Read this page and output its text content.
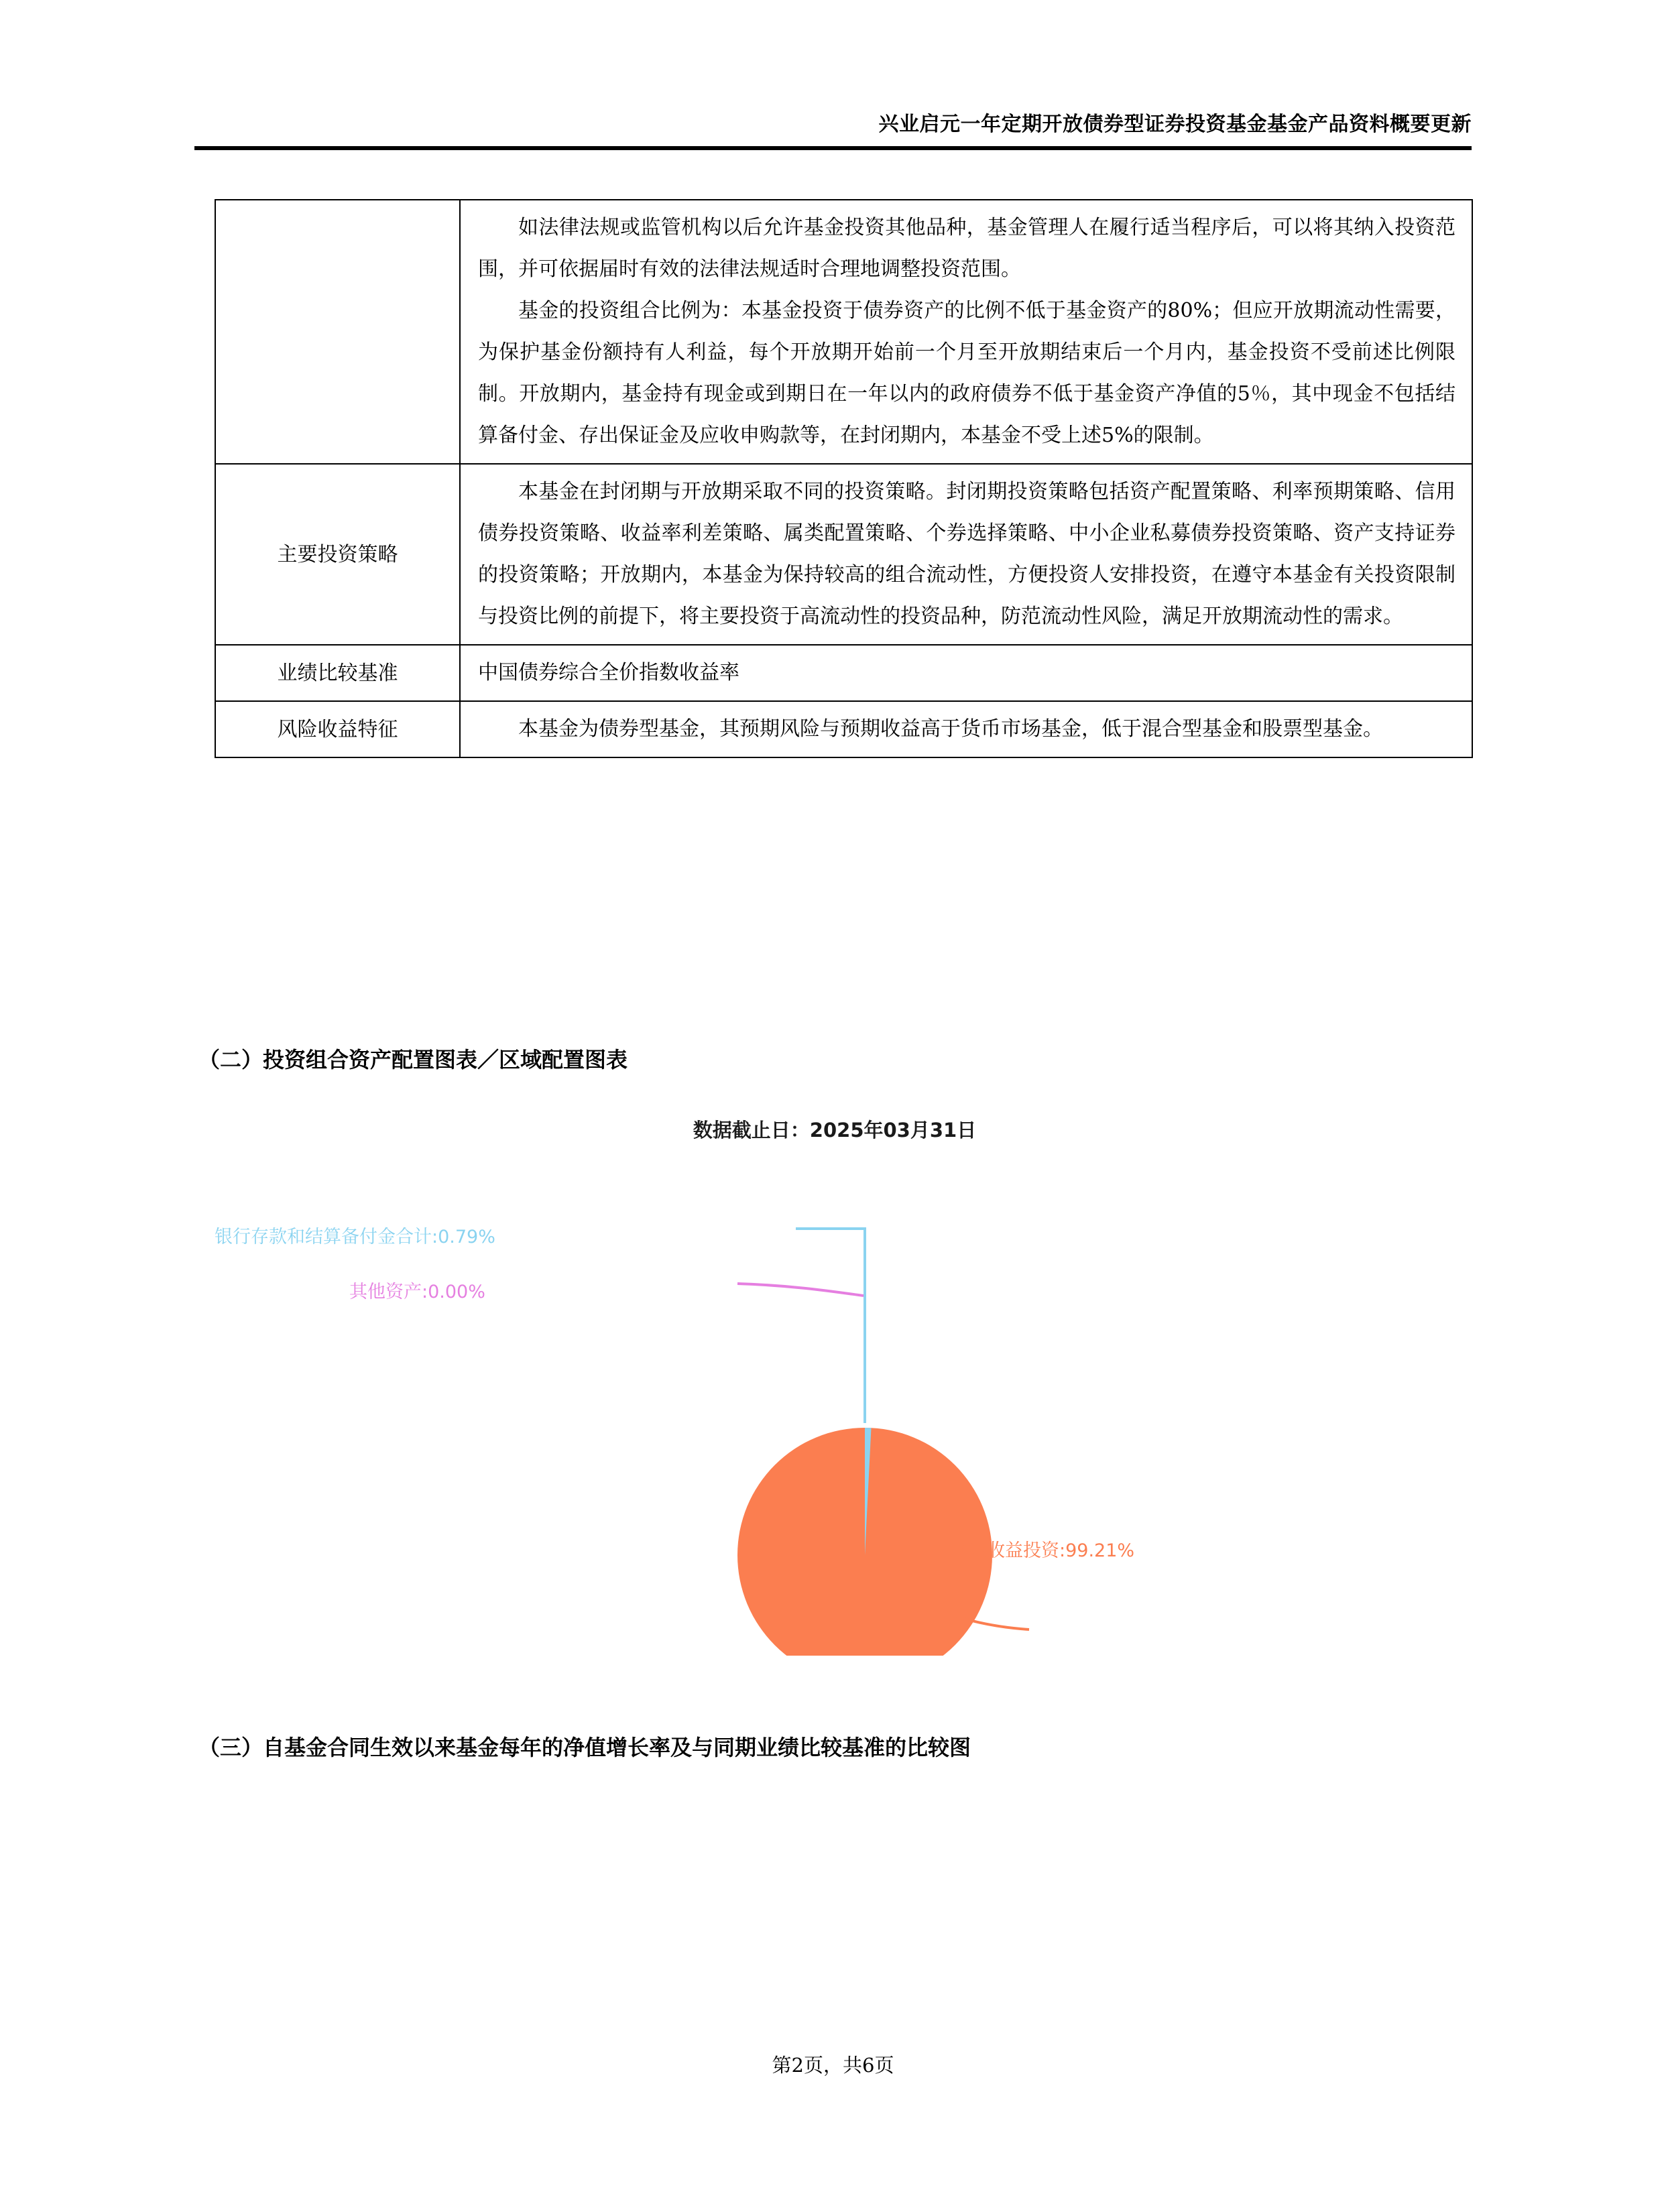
兴业启元一年定期开放债券型证券投资基金基金产品资料概要更新

	如法律法规或监管机构以后允许基金投资其他品种，基金管理人在履行适当程序后，可以将其纳入投资范围，并可依据届时有效的法律法规适时合理地调整投资范围。

基金的投资组合比例为：本基金投资于债券资产的比例不低于基金资产的80%；但应开放期流动性需要，为保护基金份额持有人利益，每个开放期开始前一个月至开放期结束后一个月内，基金投资不受前述比例限制。开放期内，基金持有现金或到期日在一年以内的政府债券不低于基金资产净值的5％，其中现金不包括结算备付金、存出保证金及应收申购款等，在封闭期内，本基金不受上述5%的限制。

主要投资策略	本基金在封闭期与开放期采取不同的投资策略。封闭期投资策略包括资产配置策略、利率预期策略、信用债券投资策略、收益率利差策略、属类配置策略、个券选择策略、中小企业私募债券投资策略、资产支持证券的投资策略；开放期内，本基金为保持较高的组合流动性，方便投资人安排投资，在遵守本基金有关投资限制与投资比例的前提下，将主要投资于高流动性的投资品种，防范流动性风险，满足开放期流动性的需求。

业绩比较基准	中国债券综合全价指数收益率

风险收益特征	本基金为债券型基金，其预期风险与预期收益高于货币市场基金，低于混合型基金和股票型基金。

（二）投资组合资产配置图表／区域配置图表
数据截止日：2025年03月31日
银行存款和结算备付金合计:0.79%
其他资产:0.00%
固定收益投资:99.21%
（三）自基金合同生效以来基金每年的净值增长率及与同期业绩比较基准的比较图
第2页，共6页
